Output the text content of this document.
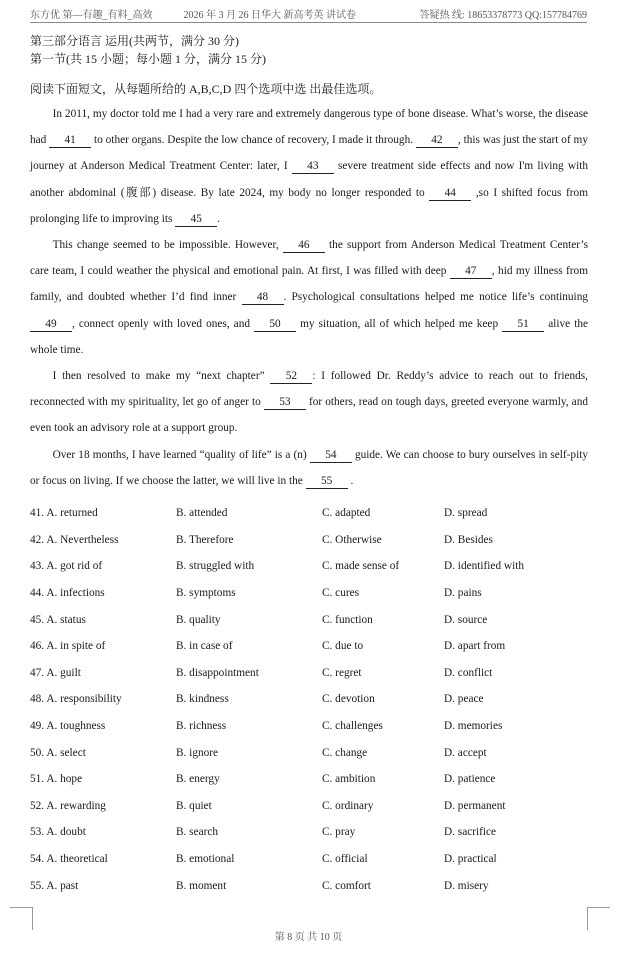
东方优 第—有趣_有料_高效	2026 年 3 月 26 日华大 新高考英 讲试卷	答疑热 线: 18653378773 QQ:157784769
第三部分语言 运用(共两节，满分 30 分)
第一节(共 15 小题；每小题 1 分，满分 15 分)
阅读下面短文，从每题所给的 A,B,C,D 四个选项中选 出最佳选项。

In 2011, my doctor told me I had a very rare and extremely dangerous type of bone disease. What’s worse, the disease had 41 to other organs. Despite the low chance of recovery, I made it through. 42 , this was just the start of my journey at Anderson Medical Treatment Center: later, I 43 severe treatment side effects and now I'm living with another abdominal (腹部) disease. By late 2024, my body no longer responded to 44 ,so I shifted focus from prolonging life to improving its 45 .

This change seemed to be impossible. However, 46 the support from Anderson Medical Treatment Center’s care team, I could weather the physical and emotional pain. At first, I was filled with deep 47 , hid my illness from family, and doubted whether I’d find inner 48 . Psychological consultations helped me notice life’s continuing 49 , connect openly with loved ones, and 50 my situation, all of which helped me keep 51 alive the whole time.

I then resolved to make my “next chapter” 52 : I followed Dr. Reddy’s advice to reach out to friends, reconnected with my spirituality, let go of anger to 53 for others, read on tough days, greeted everyone warmly, and even took an advisory role at a support group.

Over 18 months, I have learned “quality of life” is a (n) 54 guide. We can choose to bury ourselves in self-pity or focus on living. If we choose the latter, we will live in the 55 .

41. A. returned	B. attended	C. adapted	D. spread
42. A. Nevertheless	B. Therefore	C. Otherwise	D. Besides
43. A. got rid of	B. struggled with	C. made sense of	D. identified with
44. A. infections	B. symptoms	C. cures	D. pains
45. A. status	B. quality	C. function	D. source
46. A. in spite of	B. in case of	C. due to	D. apart from
47. A. guilt	B. disappointment	C. regret	D. conflict
48. A. responsibility	B. kindness	C. devotion	D. peace
49. A. toughness	B. richness	C. challenges	D. memories
50. A. select	B. ignore	C. change	D. accept
51. A. hope	B. energy	C. ambition	D. patience
52. A. rewarding	B. quiet	C. ordinary	D. permanent
53. A. doubt	B. search	C. pray	D. sacrifice
54. A. theoretical	B. emotional	C. official	D. practical
55. A. past	B. moment	C. comfort	D. misery
第 8 页 共 10 页
